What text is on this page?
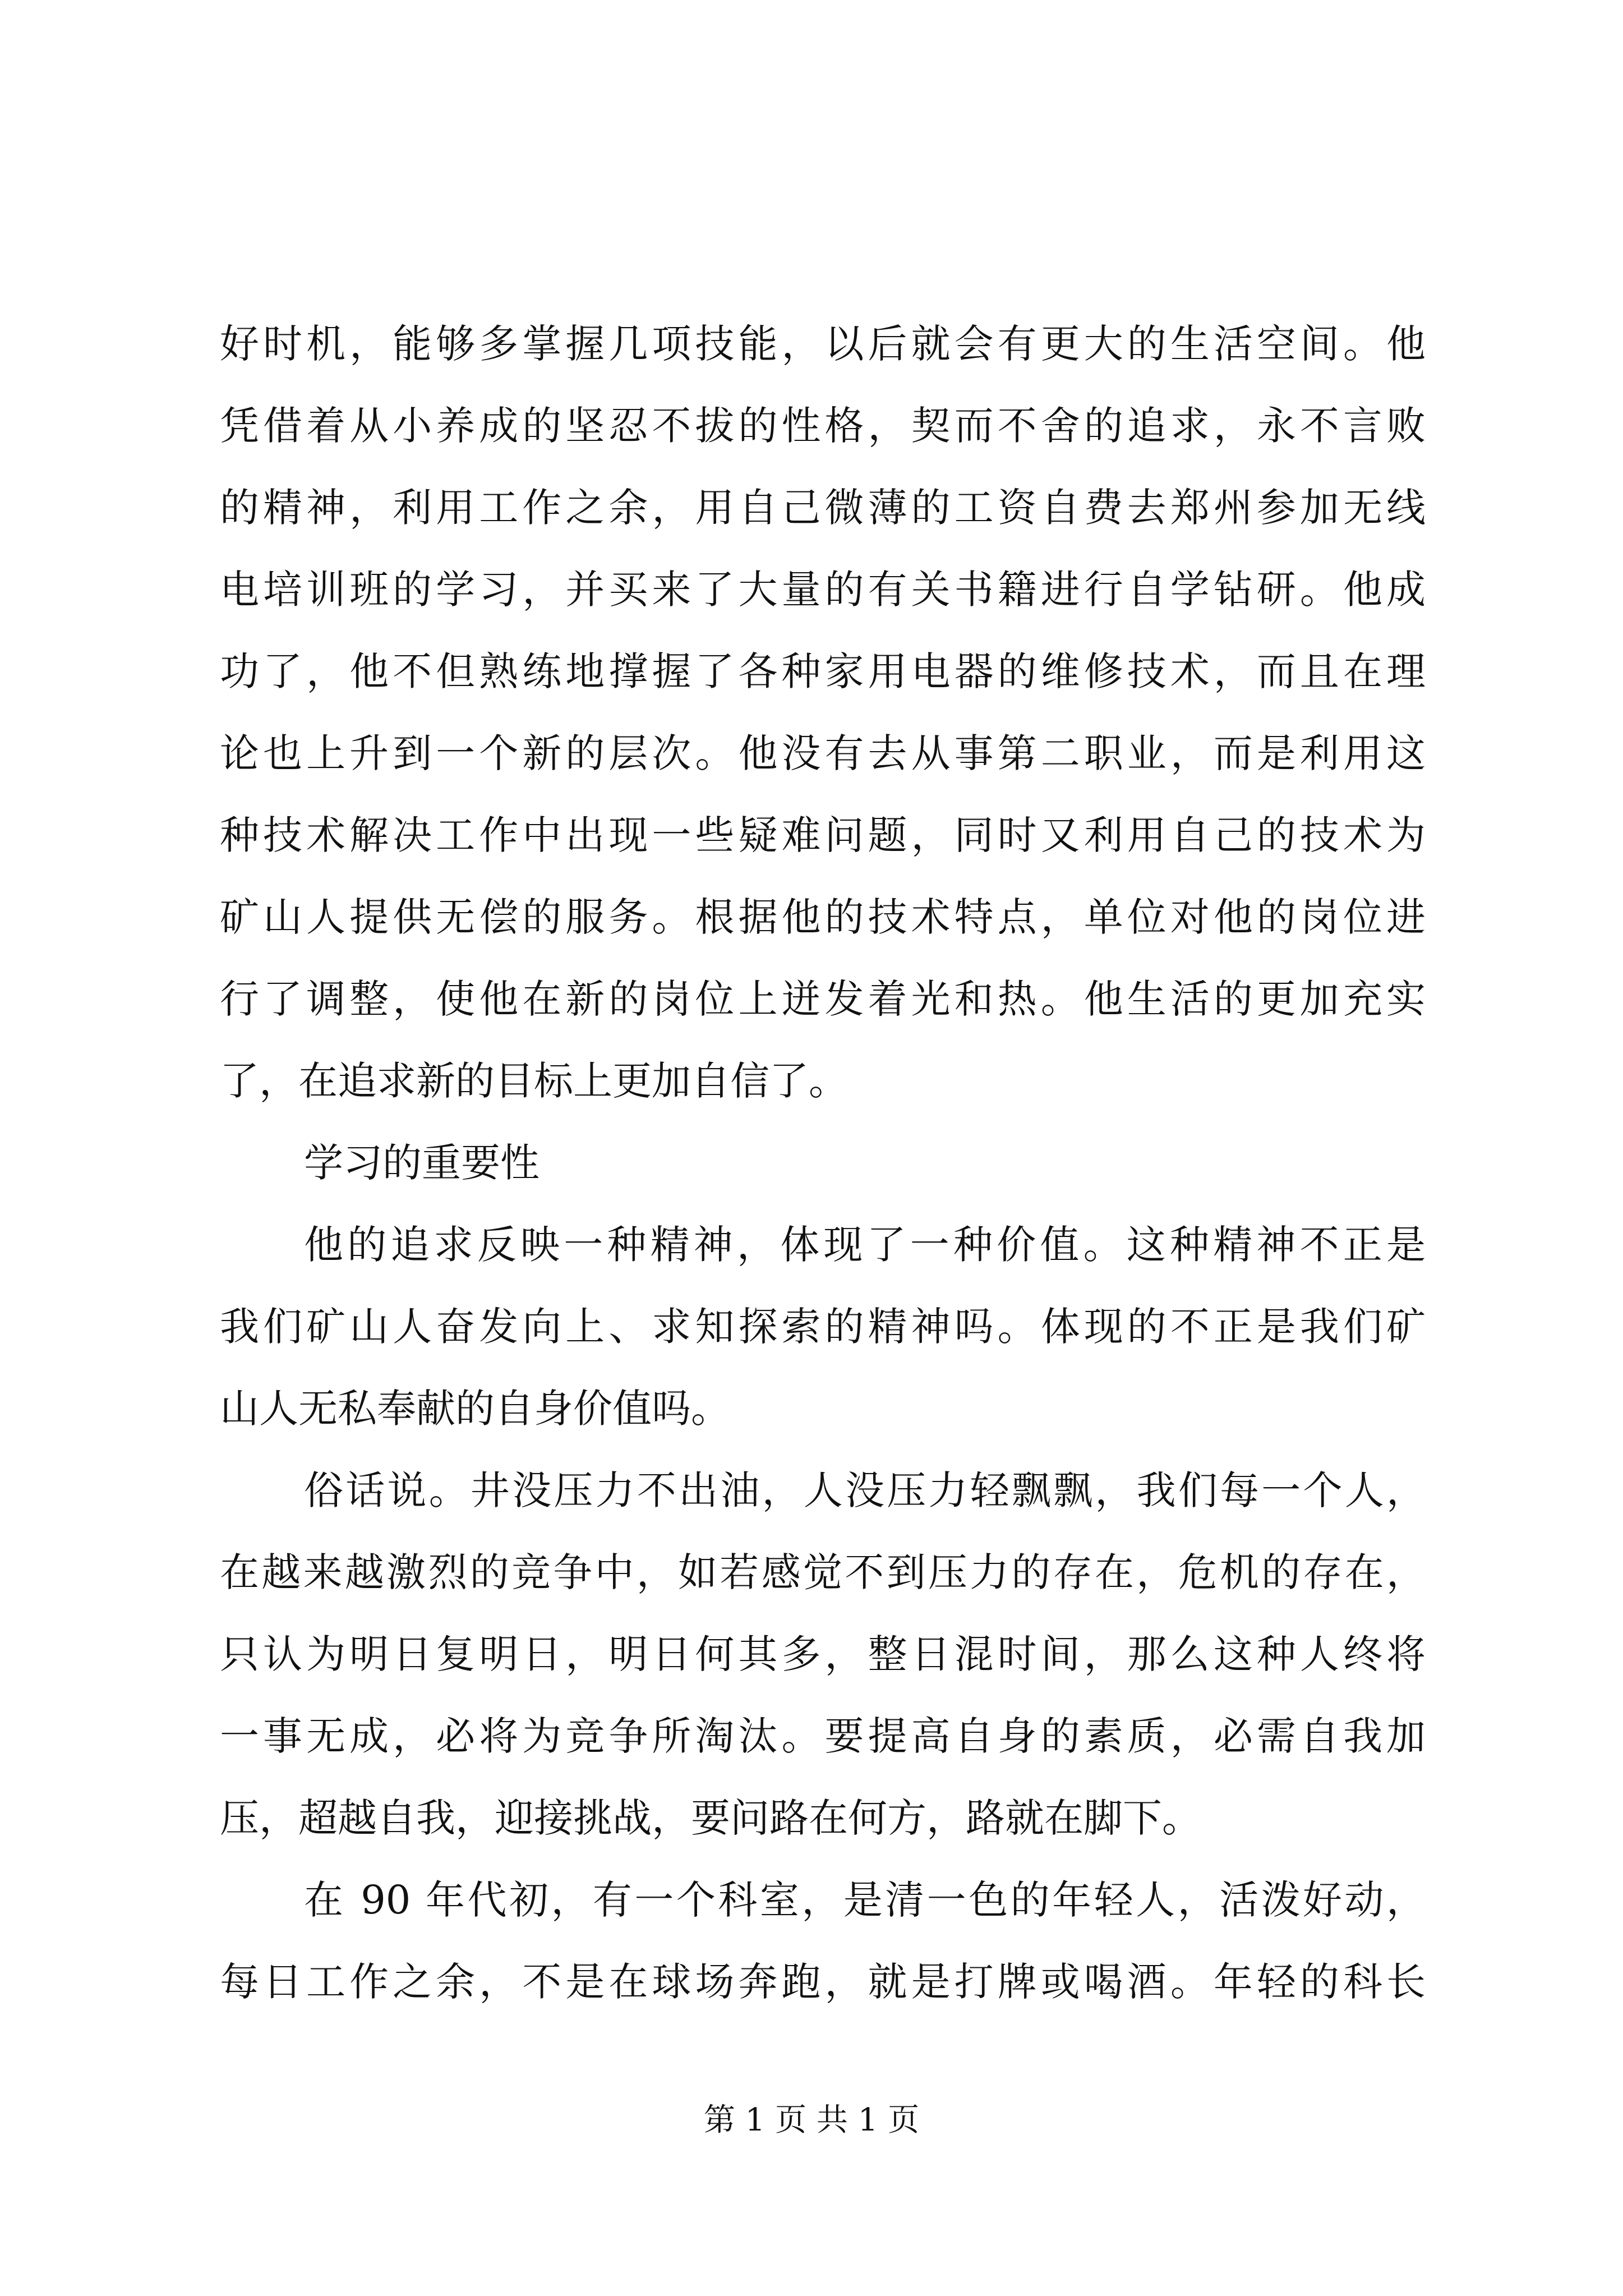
好时机，能够多掌握几项技能，以后就会有更大的生活空间。他
凭借着从小养成的坚忍不拔的性格，契而不舍的追求，永不言败
的精神，利用工作之余，用自己微薄的工资自费去郑州参加无线
电培训班的学习，并买来了大量的有关书籍进行自学钻研。他成
功了，他不但熟练地撑握了各种家用电器的维修技术，而且在理
论也上升到一个新的层次。他没有去从事第二职业，而是利用这
种技术解决工作中出现一些疑难问题，同时又利用自己的技术为
矿山人提供无偿的服务。根据他的技术特点，单位对他的岗位进
行了调整，使他在新的岗位上迸发着光和热。他生活的更加充实
了，在追求新的目标上更加自信了。
学习的重要性
他的追求反映一种精神，体现了一种价值。这种精神不正是
我们矿山人奋发向上、求知探索的精神吗。体现的不正是我们矿
山人无私奉献的自身价值吗。
俗话说。井没压力不出油，人没压力轻飘飘，我们每一个人，
在越来越激烈的竞争中，如若感觉不到压力的存在，危机的存在，
只认为明日复明日，明日何其多，整日混时间，那么这种人终将
一事无成，必将为竞争所淘汰。要提高自身的素质，必需自我加
压，超越自我，迎接挑战，要问路在何方，路就在脚下。
在 90 年代初，有一个科室，是清一色的年轻人，活泼好动，
每日工作之余，不是在球场奔跑，就是打牌或喝酒。年轻的科长
第 1 页 共 1 页
